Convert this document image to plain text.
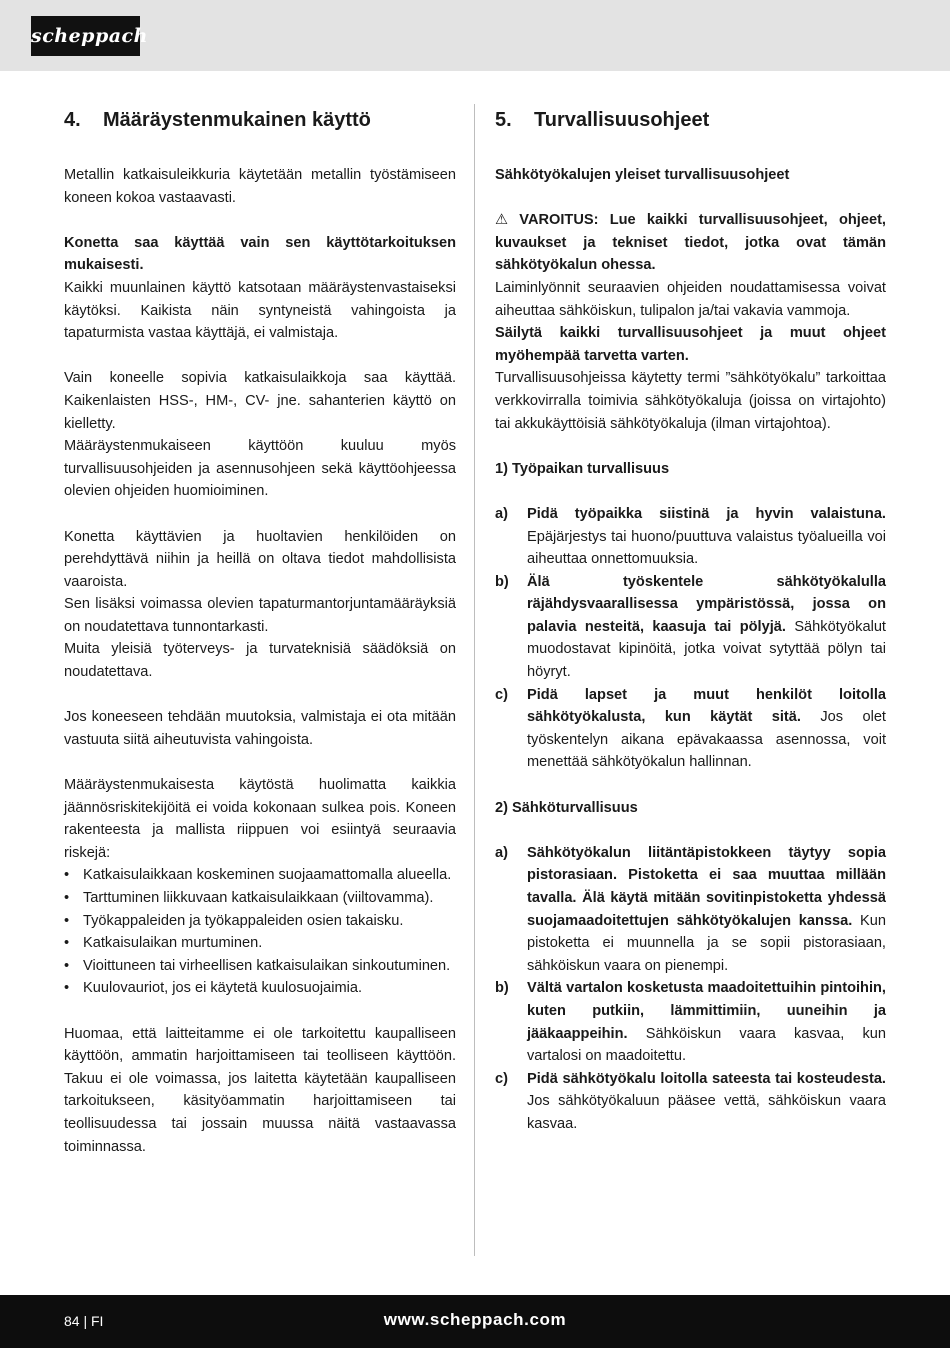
scheppach
4.	Määräystenmukainen käyttö

Metallin katkaisuleikkuria käytetään metallin työstämiseen koneen kokoa vastaavasti.

Konetta saa käyttää vain sen käyttötarkoituksen mukaisesti.

Kaikki muunlainen käyttö katsotaan määräystenvastaiseksi käytöksi. Kaikista näin syntyneistä vahingoista ja tapaturmista vastaa käyttäjä, ei valmistaja.

Vain koneelle sopivia katkaisulaikkoja saa käyttää. Kaikenlaisten HSS-, HM-, CV- jne. sahanterien käyttö on kielletty.

Määräystenmukaiseen käyttöön kuuluu myös turvallisuusohjeiden ja asennusohjeen sekä käyttöohjeessa olevien ohjeiden huomioiminen.

Konetta käyttävien ja huoltavien henkilöiden on perehdyttävä niihin ja heillä on oltava tiedot mahdollisista vaaroista.

Sen lisäksi voimassa olevien tapaturmantorjuntamääräyksiä on noudatettava tunnontarkasti.

Muita yleisiä työterveys- ja turvateknisiä säädöksiä on noudatettava.

Jos koneeseen tehdään muutoksia, valmistaja ei ota mitään vastuuta siitä aiheutuvista vahingoista.

Määräystenmukaisesta käytöstä huolimatta kaikkia jäännösriskitekijöitä ei voida kokonaan sulkea pois. Koneen rakenteesta ja mallista riippuen voi esiintyä seuraavia riskejä:

• Katkaisulaikkaan koskeminen suojaamattomalla alueella.
• Tarttuminen liikkuvaan katkaisulaikkaan (viiltovamma).
• Työkappaleiden ja työkappaleiden osien takaisku.
• Katkaisulaikan murtuminen.
• Vioittuneen tai virheellisen katkaisulaikan sinkoutuminen.
• Kuulovauriot, jos ei käytetä kuulosuojaimia.

Huomaa, että laitteitamme ei ole tarkoitettu kaupalliseen käyttöön, ammatin harjoittamiseen tai teolliseen käyttöön. Takuu ei ole voimassa, jos laitetta käytetään kaupalliseen tarkoitukseen, käsityöammatin harjoittamiseen tai teollisuudessa tai jossain muussa näitä vastaavassa toiminnassa.

5.	Turvallisuusohjeet

Sähkötyökalujen yleiset turvallisuusohjeet

⚠ VAROITUS: Lue kaikki turvallisuusohjeet, ohjeet, kuvaukset ja tekniset tiedot, jotka ovat tämän sähkötyökalun ohessa.

Laiminlyönnit seuraavien ohjeiden noudattamisessa voivat aiheuttaa sähköiskun, tulipalon ja/tai vakavia vammoja.

Säilytä kaikki turvallisuusohjeet ja muut ohjeet myöhempää tarvetta varten.

Turvallisuusohjeissa käytetty termi ”sähkötyökalu” tarkoittaa verkkovirralla toimivia sähkötyökaluja (joissa on virtajohto) tai akkukäyttöisiä sähkötyökaluja (ilman virtajohtoa).

1) Työpaikan turvallisuus

a)	Pidä työpaikka siistinä ja hyvin valaistuna. Epäjärjestys tai huono/puuttuva valaistus työalueilla voi aiheuttaa onnettomuuksia.
b)	Älä työskentele sähkötyökalulla räjähdysvaarallisessa ympäristössä, jossa on palavia nesteitä, kaasuja tai pölyjä. Sähkötyökalut muodostavat kipinöitä, jotka voivat sytyttää pölyn tai höyryt.
c)	Pidä lapset ja muut henkilöt loitolla sähkötyökalusta, kun käytät sitä. Jos olet työskentelyn aikana epävakaassa asennossa, voit menettää sähkötyökalun hallinnan.

2) Sähköturvallisuus

a)	Sähkötyökalun liitäntäpistokkeen täytyy sopia pistorasiaan. Pistoketta ei saa muuttaa millään tavalla. Älä käytä mitään sovitinpistoketta yhdessä suojamaadoitettujen sähkötyökalujen kanssa. Kun pistoketta ei muunnella ja se sopii pistorasiaan, sähköiskun vaara on pienempi.
b)	Vältä vartalon kosketusta maadoitettuihin pintoihin, kuten putkiin, lämmittimiin, uuneihin ja jääkaappeihin. Sähköiskun vaara kasvaa, kun vartalosi on maadoitettu.
c)	Pidä sähkötyökalu loitolla sateesta tai kosteudesta. Jos sähkötyökaluun pääsee vettä, sähköiskun vaara kasvaa.
84 | FI	www.scheppach.com
